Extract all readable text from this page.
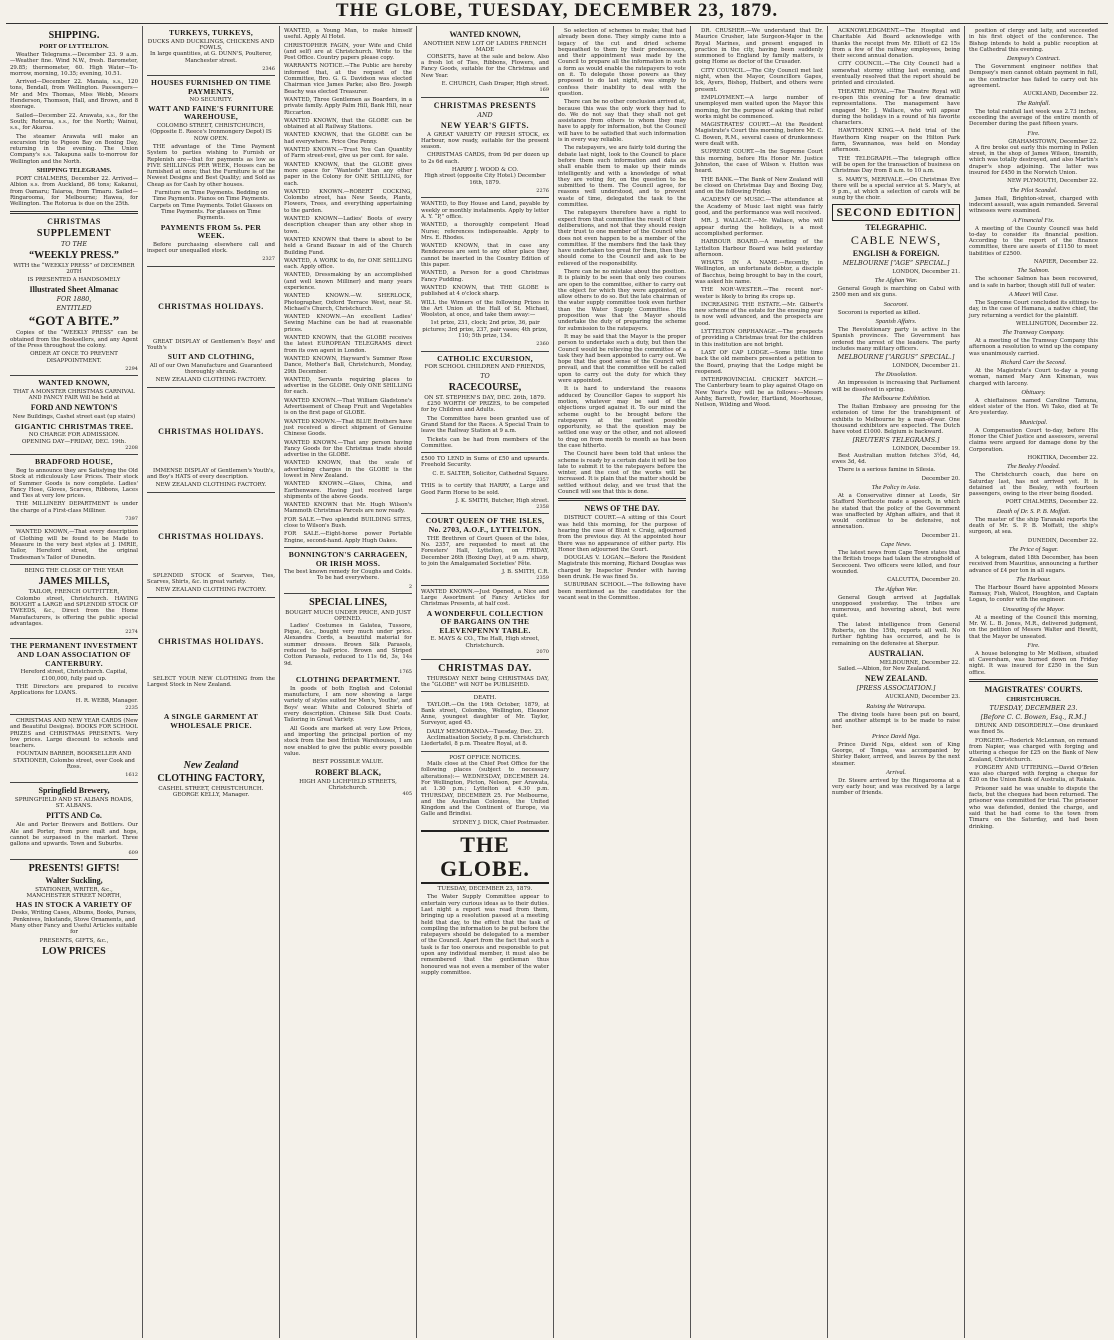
THE GLOBE, TUESDAY, DECEMBER 23, 1879.
SHIPPING.
PORT OF LYTTELTON.

Weather Telegrams.—December 23. 9 a.m.—Weather fine. Wind N.W., fresh. Barometer, 29.85; thermometer, 60. High Water—To-morrow, morning, 10.35; evening, 10.51.

Arrived—December 22. Manaia, s.s., 120 tons, Bendall, from Wellington. Passengers—Mr and Mrs Thomas, Miss Webb, Messrs Henderson, Thomson, Hall, and Brown, and 8 steerage.

Sailed—December 22. Arawata, s.s., for the South; Rotorua, s.s., for the North; Wainui, s.s., for Akaroa.

The steamer Arawata will make an excursion trip to Pigeon Bay on Boxing Day, returning in the evening. The Union Company's s.s. Takapuna sails to-morrow for Wellington and the North.

SHIPPING TELEGRAMS.

PORT CHALMERS, December 22. Arrived—Albion s.s. from Auckland, 86 tons; Kakanui, from Oamaru; Taiaroa, from Timaru. Sailed—Ringarooma, for Melbourne; Hawea, for Wellington. The Rotorua is due on the 25th.

CHRISTMAS
SUPPLEMENT
TO THE
“WEEKLY PRESS.”

WITH the “WEEKLY PRESS” of DECEMBER 20TH

IS PRESENTED A HANDSOMELY

Illustrated Sheet Almanac
FOR 1880,
ENTITLED
“GOT A BITE.”

Copies of the “WEEKLY PRESS” can be obtained from the Booksellers, and any Agent of the Press throughout the colony.

ORDER AT ONCE TO PREVENT DISAPPOINTMENT.

2294
WANTED KNOWN,

THAT A MONSTER CHRISTMAS CARNIVAL AND FANCY FAIR Will be held at

FORD AND NEWTON'S

New Buildings, Cashel street east (up stairs)

GIGANTIC CHRISTMAS TREE.
NO CHARGE FOR ADMISSION.
OPENING DAY—FRIDAY, DEC. 19th.
2208
BRADFORD HOUSE,

Beg to announce they are Satisfying the Old Stock at ridiculously Low Prices. Their stock of Summer Goods is now complete. Ladies' Fancy Hose, Gloves, Scarves, Ribbons, Laces and Ties at very low prices.

THE MILLINERY DEPARTMENT is under the charge of a First-class Milliner.

7397

WANTED KNOWN,—That every description of Clothing will be found to be Made to Measure in the very best styles at J. IMRIE, Tailor, Hereford street, the original Tradesman's Tailor of Dunedin.

BEING THE CLOSE OF THE YEAR
JAMES MILLS,
TAILOR, FRENCH OUTFITTER,

Colombo street, Christchurch. HAVING BOUGHT a LARGE and SPLENDID STOCK OF TWEEDS, &c., Direct from the Home Manufacturers, is offering the public special advantages.

2274
THE PERMANENT INVESTMENT AND LOAN ASSOCIATION OF CANTERBURY.

Hereford street, Christchurch. Capital, £100,000, fully paid up.

THE Directors are prepared to receive Applications for LOANS.

H. R. WEBB, Manager.
2235

CHRISTMAS AND NEW YEAR CARDS (New and Beautiful Designs). BOOKS FOR SCHOOL PRIZES and CHRISTMAS PRESENTS. Very low prices. Large discount to schools and teachers.

FOUNTAIN BARBER, BOOKSELLER AND STATIONER, Colombo street, over Cook and Ross.

1612
Springfield Brewery,
SPRINGFIELD AND ST. ALBANS ROADS, ST. ALBANS.
PITTS AND Co.

Ale and Porter Brewers and Bottlers. Our Ale and Porter, from pure malt and hops, cannot be surpassed in the market. Three gallons and upwards. Town and Suburbs.

609
PRESENTS! GIFTS!
Walter Suckling,
STATIONER, WRITER, &c.,
MANCHESTER STREET NORTH,
HAS IN STOCK A VARIETY OF

Desks, Writing Cases, Albums, Books, Purses, Penknives, Inkstands, Stove Ornaments, and Many other Fancy and Useful Articles suitable for

PRESENTS, GIFTS, &c.,
LOW PRICES
TURKEYS, TURKEYS,
DUCKS AND DUCKLINGS, CHICKENS AND FOWLS,

In large quantities, at G. DUNN'S, Poulterer, Manchester street.

2346
HOUSES FURNISHED ON TIME PAYMENTS,
NO SECURITY.
WATT AND FAINE'S FURNITURE WAREHOUSE,

COLOMBO STREET, CHRISTCHURCH, (Opposite E. Reece's Ironmongery Depot) IS NOW OPEN.

THE advantage of the Time Payment System to parties wishing to Furnish or Replenish are—that for payments as low as FIVE SHILLINGS PER WEEK, Houses can be furnished at once; that the Furniture is of the Newest Designs and Best Quality; and Sold as Cheap as for Cash by other houses.

Furniture on Time Payments. Bedding on Time Payments. Pianos on Time Payments. Carpets on Time Payments. Toilet Glasses on Time Payments. For glasses on Time Payments.

PAYMENTS FROM 5s. PER WEEK.

Before purchasing elsewhere call and inspect our unequalled stock.

2327
CHRISTMAS HOLIDAYS.

GREAT DISPLAY of Gentlemen's Boys' and Youth's

SUIT AND CLOTHING,

All of our Own Manufacture and Guaranteed thoroughly shrunk.

NEW ZEALAND CLOTHING FACTORY.
CHRISTMAS HOLIDAYS.

IMMENSE DISPLAY of Gentlemen's Youth's, and Boy's HATS of every description.

NEW ZEALAND CLOTHING FACTORY.
CHRISTMAS HOLIDAYS.

SPLENDID STOCK of Scarves, Ties, Scarves, Shirts, &c. in great variety.

NEW ZEALAND CLOTHING FACTORY.
CHRISTMAS HOLIDAYS.

SELECT YOUR NEW CLOTHING from the Largest Stock in New Zealand.

A SINGLE GARMENT AT WHOLESALE PRICE.
New Zealand
CLOTHING FACTORY,
CASHEL STREET, CHRISTCHURCH.
GEORGE KELLY, Manager.

WANTED, a Young Man, to make himself useful. Apply Al Hotel.

CHRISTOPHER FAGIN, your Wife and Child (and self) are at Christchurch. Write to the Post Office. Country papers please copy.

WARRANTS NOTICE.—The Public are hereby informed that, at the request of the Committee, Bro. G. G. Davidson was elected Chairman vice James Parke; also Bro. Joseph Beachy was elected Treasurer.

WANTED, Three Gentlemen as Boarders, in a private family. Apply Palm Hill, Bank Hill, near Riccarton.

WANTED KNOWN, that the GLOBE can be obtained at all Railway Stations.

WANTED KNOWN, that the GLOBE can be had everywhere. Price One Penny.

WANTED KNOWN.—Trust You Can Quantity of Farm street-rest, give us per cent. for sale.

WANTED KNOWN, that the GLOBE gives more space for “Wanteds” than any other paper in the Colony for ONE SHILLING, for each.

WANTED KNOWN.—ROBERT COCKING, Colombo street, has New Seeds, Plants, Flowers, Trees, and everything appertaining to the garden.

WANTED KNOWN—Ladies' Boots of every description cheaper than any other shop in town.

WANTED KNOWN that there is about to be held a Grand Bazaar in aid of the Church Building Fund.

WANTED, A WORK to do, for ONE SHILLING each. Apply office.

WANTED, Dressmaking by an accomplished (and well known Milliner) and many years experience.

WANTED KNOWN.—W. SHERLOCK, Photographer, Oxford Terrace West, near St. Michael's Church, Christchurch.

WANTED KNOWN.—An excellent Ladies' Sewing Machine can be had at reasonable prices.

WANTED KNOWN, that the GLOBE receives the latest EUROPEAN TELEGRAMS direct from its own agent in London.

WANTED KNOWN, Hayward's Summer Rose Dance, Mother's Ball, Christchurch, Monday, 29th December.

WANTED, Servants requiring places to advertise in the GLOBE. Only ONE SHILLING for each.

WANTED KNOWN.—That William Gladstone's Advertisement of Cheap Fruit and Vegetables is on the first page of GLOBE.

WANTED KNOWN.—That BLUE Brothers have just received a direct shipment of Genuine Chinese Goods.

WANTED KNOWN.—That any person having Fancy Goods for the Christmas trade should advertise in the GLOBE.

WANTED KNOWN, that the scale of advertising charges in the GLOBE is the lowest in New Zealand.

WANTED KNOWN.—Glass, China, and Earthenware. Having just received large shipments of the above Goods.

WANTED KNOWN that Mr. Hugh Wilson's Mammoth Christmas Parcels are now ready.

FOR SALE.—Two splendid BUILDING SITES, close to Wilson's Bush.

FOR SALE.—Eight-horse power Portable Engine, second-hand. Apply Hugh Oakes.

BONNINGTON'S CARRAGEEN, OR IRISH MOSS.

The best known remedy for Coughs and Colds. To be had everywhere.

2
SPECIAL LINES,
BOUGHT MUCH UNDER PRICE, AND JUST OPENED.

Ladies' Costumes in Galatea, Tussore, Pique, &c., bought very much under price. Alexandra Cords, a beautiful material for summer dresses. Brown Silk Parasols, reduced to half-price. Brown and Striped Cotton Parasols, reduced to 11s 6d, 3s, 14s 9d.

1765
CLOTHING DEPARTMENT.

In goods of both English and Colonial manufacture, I am now showing a large variety of styles suited for Men's, Youths', and Boys' wear. White and Coloured Shirts of every description. Chinese Silk Dust Coats. Tailoring in Great Variety.

All Goods are marked at very Low Prices, and importing the principal portion of my stock from the best British Warehouses, I am now enabled to give the public every possible value.

BEST POSSIBLE VALUE.
ROBERT BLACK,
HIGH AND LICHFIELD STREETS, Christchurch.
405
WANTED KNOWN,
ANOTHER NEW LOT OF LADIES FRENCH MADE

CORSETS, have at the sale and below. Also a fresh lot of Ties, Ribbons, Flowers, and Fancy Goods, suitable for the Christmas and New Year.

E. CHURCH, Cash Draper, High street.
169
CHRISTMAS PRESENTS
AND
NEW YEAR'S GIFTS.

A GREAT VARIETY OF FRESH STOCK, ex Harbour, now ready, suitable for the present season.

CHRISTMAS CARDS, from 9d per dozen up to 2s 6d each.

HARRY J. WOOD & CO.

High street (opposite City Hotel.) December 16th, 1879.

2276

WANTED, to Buy House and Land, payable by weekly or monthly instalments. Apply by letter A. Y. “P,” office.

WANTED, a thoroughly competent Head Nurse; references indispensable. Apply to Mrs. E. Rhodes.

WANTED KNOWN, that in case any Rendezvous are sent to any other place they cannot be inserted in the Country Edition of this paper.

WANTED, a Person for a good Christmas Fancy Pudding.

WANTED KNOWN, that THE GLOBE is published at 4 o'clock sharp.

WILL the Winners of the following Prizes in the Art Union at the Hall of St. Michael, Woolston, at once, and take them away:—

1st prize, 231, clock; 2nd prize, 36, pair pictures; 3rd prize, 237, pair vases; 4th prize, 110; 5th prize, 134.

2360
CATHOLIC EXCURSION,
FOR SCHOOL CHILDREN AND FRIENDS,
TO
RACECOURSE,
ON ST. STEPHEN'S DAY, DEC. 26th, 1879.

£250 WORTH OF PRIZES, to be competed for by Children and Adults.

The Committee have been granted use of Grand Stand for the Races. A Special Train to leave the Railway Station at 9 a.m.

Tickets can be had from members of the Committee.

£500 TO LEND in Sums of £50 and upwards. Freehold Security.

C. E. SALTER, Solicitor, Cathedral Square.
2357

THIS is to certify that HARRY, a Large and Good Farm Horse to be sold.

J. K. SMITH, Butcher, High street.
2358
COURT QUEEN OF THE ISLES, No. 2703, A.O.F., LYTTELTON.

THE Brethren of Court Queen of the Isles, No. 2357, are requested to meet at the Foresters' Hall, Lyttelton, on FRIDAY, December 26th (Boxing Day), at 9 a.m. sharp, to join the Amalgamated Societies' Fête.

J. B. SMITH, C.R.
2359

WANTED KNOWN.—Just Opened, a Nice and Large Assortment of Fancy Articles for Christmas Presents, at half cost.

A WONDERFUL COLLECTION OF BARGAINS ON THE ELEVENPENNY TABLE.
E. MAYS & CO., The Hall, High street, Christchurch.
2070
CHRISTMAS DAY.

THURSDAY NEXT being CHRISTMAS DAY, the “GLOBE” will NOT be PUBLISHED.

DEATH.

TAYLOR.—On the 19th October, 1879, at Bank street, Colombo, Wellington, Eleanor Anne, youngest daughter of Mr. Taylor, Surveyor, aged 45.

DAILY MEMORANDA—Tuesday, Dec. 23.

Acclimatisation Society, 8 p.m. Christchurch Liedertafel, 8 p.m. Theatre Royal, at 8.

POST OFFICE NOTICES.

Mails close at the Chief Post Office for the following places (subject to necessary alterations):— WEDNESDAY, DECEMBER 24. For Wellington, Picton, Nelson, per Arawata, at 1.30 p.m.; Lyttelton at 4.30 p.m. THURSDAY, DECEMBER 25. For Melbourne, and the Australian Colonies, the United Kingdom and the Continent of Europe, via Galle and Brindisi.

SYDNEY J. DICK, Chief Postmaster.
THE GLOBE.
TUESDAY, DECEMBER 23, 1879.

The Water Supply Committee appear to entertain very curious ideas as to their duties. Last night a report was read from them, bringing up a resolution passed at a meeting held that day, to the effect that the task of compiling the information to be put before the ratepayers should be delegated to a member of the Council. Apart from the fact that such a task is far too onerous and responsible to put upon any individual member, it must also be remembered that the gentleman thus honoured was not even a member of the water supply committee.

So selection of schemes to make; that had already been done. They simply came into a legacy of the cut and dried scheme bequeathed to them by their predecessors, and their appointment was made by the Council to prepare all the information in such a form as would enable the ratepayers to vote on it. To delegate those powers as they proposed to do last night, was simply to confess their inability to deal with the question.

There can be no other conclusion arrived at, because this was the only work they had to do. We do not say that they shall not get assistance from others to whom they may have to apply for information, but the Council will have to be satisfied that such information is in every way reliable.

The ratepayers, we are fairly told during the debate last night, look to the Council to place before them such information and data as shall enable them to make up their minds intelligently and with a knowledge of what they are voting for, on the question to be submitted to them. The Council agree, for reasons well understood, and to prevent waste of time, delegated the task to the committee.

The ratepayers therefore have a right to expect from that committee the result of their deliberations, and not that they should resign their trust to one member of the Council who does not even happen to be a member of the committee. If the members find the task they have undertaken too great for them, then they should come to the Council and ask to be relieved of the responsibility.

There can be no mistake about the position. It is plainly to be seen that only two courses are open to the committee, either to carry out the object for which they were appointed, or allow others to do so. But the late chairman of the water supply committee took even further than the Water Supply Committee. His proposition was that the Mayor should undertake the duty of preparing the scheme for submission to the ratepayers.

It may be said that the Mayor is the proper person to undertake such a duty, but then the Council would be relieving the committee of a task they had been appointed to carry out. We hope that the good sense of the Council will prevail, and that the committee will be called upon to carry out the duty for which they were appointed.

It is hard to understand the reasons adduced by Councillor Gapes to support his motion, whatever may be said of the objections urged against it. To our mind the scheme ought to be brought before the ratepayers at the earliest possible opportunity, so that the question may be settled one way or the other, and not allowed to drag on from month to month as has been the case hitherto.

The Council have been told that unless the scheme is ready by a certain date it will be too late to submit it to the ratepayers before the winter, and the cost of the works will be increased. It is plain that the matter should be settled without delay, and we trust that the Council will see that this is done.

NEWS OF THE DAY.

DISTRICT COURT.—A sitting of this Court was held this morning, for the purpose of hearing the case of Blunt v. Craig, adjourned from the previous day. At the appointed hour there was no appearance of either party. His Honor then adjourned the Court.

DOUGLAS V. LOGAN.—Before the Resident Magistrate this morning, Richard Douglas was charged by Inspector Pender with having been drunk. He was fined 5s.

SUBURBAN SCHOOL.—The following have been mentioned as the candidates for the vacant seat in the Committee.

DR. CRUSHER.—We understand that Dr. Maurice Crusher, late Surgeon-Major in the Royal Marines, and present engaged in practice in the city, having been suddenly summoned to England by family matters, is going Home as doctor of the Crusader.

CITY COUNCIL.—The City Council met last night, when the Mayor, Councillors Gapes, Ick, Ayers, Bishop, Hulbert, and others were present.

EMPLOYMENT.—A large number of unemployed men waited upon the Mayor this morning, for the purpose of asking that relief works might be commenced.

MAGISTRATES' COURT.—At the Resident Magistrate's Court this morning, before Mr. C. C. Bowen, R.M., several cases of drunkenness were dealt with.

SUPREME COURT.—In the Supreme Court this morning, before His Honor Mr. Justice Johnston, the case of Wilson v. Hutton was heard.

THE BANK.—The Bank of New Zealand will be closed on Christmas Day and Boxing Day, and on the following Friday.

ACADEMY OF MUSIC.—The attendance at the Academy of Music last night was fairly good, and the performance was well received.

MR. J. WALLACE.—Mr. Wallace, who will appear during the holidays, is a most accomplished performer.

HARBOUR BOARD.—A meeting of the Lyttelton Harbour Board was held yesterday afternoon.

WHAT'S IN A NAME.—Recently, in Wellington, an unfortunate debtor, a disciple of Bacchus, being brought to bay in the court, was asked his name.

THE NOR'-WESTER.—The recent nor'-wester is likely to bring its crops up.

INCREASING THE ESTATE.—Mr. Gilbert's new scheme of the estate for the ensuing year is now well advanced, and the prospects are good.

LYTTELTON ORPHANAGE.—The prospects of providing a Christmas treat for the children in this institution are not bright.

LAST OF CAP LODGE.—Some little time back the old members presented a petition to the Board, praying that the Lodge might be reopened.

INTERPROVINCIAL CRICKET MATCH.—The Canterbury team to play against Otago on New Year's Day will be as follows:—Messrs Ashby, Barrett, Fowler, Hartland, Moorhouse, Neilson, Wilding and Wood.

ACKNOWLEDGMENT.—The Hospital and Charitable Aid Board acknowledge with thanks the receipt from Mr. Elliott of £2 15s from a few of the railway employees, being their second annual donation.

CITY COUNCIL.—The City Council had a somewhat stormy sitting last evening, and eventually resolved that the report should be printed and circulated.

THEATRE ROYAL.—The Theatre Royal will re-open this evening for a few dramatic representations. The management have engaged Mr. J. Wallace, who will appear during the holidays in a round of his favorite characters.

HAWTHORN KING.—A field trial of the Hawthorn King reaper on the Hilton Park farm, Swannanoa, was held on Monday afternoon.

THE TELEGRAPH.—The telegraph office will be open for the transaction of business on Christmas Day from 8 a.m. to 10 a.m.

S. MARY'S, MERIVALE.—On Christmas Eve there will be a special service at S. Mary's, at 9 p.m., at which a selection of carols will be sung by the choir.

SECOND EDITION
TELEGRAPHIC.
CABLE NEWS,
ENGLISH & FOREIGN.
MELBOURNE [“AGE” SPECIAL.]
LONDON, December 21.
The Afghan War.

General Gough is marching on Cabul with 2500 men and six guns.

Socoroni.

Socoroni is reported as killed.

Spanish Affairs.

The Revolutionary party is active in the Spanish provinces. The Government has ordered the arrest of the leaders. The party includes many military officers.

MELBOURNE [“ARGUS” SPECIAL.]
LONDON, December 21.
The Dissolution.

An impression is increasing that Parliament will be dissolved in spring.

The Melbourne Exhibition.

The Italian Embassy are pressing for the extension of time for the transhipment of exhibits to Melbourne by a man-of-war. One thousand exhibitors are expected. The Dutch have voted £1000. Belgium is backward.

[REUTER'S TELEGRAMS.]
LONDON, December 19.

Best Australian mutton fetches 3½d, 4d, ewes 3d, 4d.

There is a serious famine in Silesia.

December 20.
The Policy in Asia.

At a Conservative dinner at Leeds, Sir Stafford Northcote made a speech, in which he stated that the policy of the Government was unaffected by Afghan affairs, and that it would continue to be defensive, not annexation.

December 21.
Cape News.

The latest news from Cape Town states that the British troops had taken the stronghold of Sececoeni. Two officers were killed, and four wounded.

CALCUTTA, December 20.
The Afghan War.

General Gough arrived at Jagdallak unopposed yesterday. The tribes are numerous, and hovering about, but were quiet.

The latest intelligence from General Roberts, on the 15th, reports all well. No further fighting has occurred, and he is remaining on the defensive at Sherpur.

AUSTRALIAN.
MELBOURNE, December 22.

Sailed.—Albion, for New Zealand.

NEW ZEALAND.
[PRESS ASSOCIATION.]
AUCKLAND, December 23.
Raising the Wairarapa.

The diving tools have been put on board, and another attempt is to be made to raise her.

Prince David Nga.

Prince David Nga, eldest son of King George, of Tonga, was accompanied by Shirley Baker, arrived, and leaves by the next steamer.

Arrival.

Dr. Steere arrived by the Ringarooma at a very early hour, and was received by a large number of friends.

position of clergy and laity, and succeeded in his first object of the conference. The Bishop intends to hold a public reception at the Cathedral this evening.

Dempsey's Contract.

The Government engineer notifies that Dempsey's men cannot obtain payment in full, as the contractor has failed to carry out his agreement.

AUCKLAND, December 22.
The Rainfall.

The total rainfall last week was 2.73 inches, exceeding the average of the entire month of December during the past fifteen years.

Fire.
GRAHAMSTOWN, December 22.

A fire broke out early this morning in Pollen street, in the shop of James Wilson, tinsmith, which was totally destroyed, and also Martin's draper's shop adjoining. The latter was insured for £450 in the Norwich Union.

NEW PLYMOUTH, December 22.
The Pilot Scandal.

James Hall, Brighton-street, charged with indecent assault, was again remanded. Several witnesses were examined.

A Financial Fix.

A meeting of the County Council was held to-day to consider its financial position. According to the report of the finance committee, there are assets of £1150 to meet liabilities of £2500.

NAPIER, December 22.
The Salmon.

The schooner Salmon has been recovered, and is safe in harbor, though still full of water.

A Maori Will Case.

The Supreme Court concluded its sittings to-day, in the case of Hamana, a native chief, the jury returning a verdict for the plaintiff.

WELLINGTON, December 22.
The Tramway Company.

At a meeting of the Tramway Company this afternoon a resolution to wind up the company was unanimously carried.

Richard Carr the Second.

At the Magistrate's Court to-day a young woman, named Mary Ann Kinsman, was charged with larceny.

Obituary.

A chieftainess named Caroline Tamuna, eldest sister of the Hon. Wi Tako, died at Te Aro yesterday.

Municipal.

A Compensation Court to-day, before His Honor the Chief Justice and assessors, several claims were argued for damage done by the Corporation.

HOKITIKA, December 22.
The Bealey Flooded.

The Christchurch coach, due here on Saturday last, has not arrived yet. It is detained at the Bealey, with fourteen passengers, owing to the river being flooded.

PORT CHALMERS, December 22.
Death of Dr. S. P. B. Moffatt.

The master of the ship Taranaki reports the death of Mr. S. P. B. Moffatt, the ship's surgeon, at sea.

DUNEDIN, December 22.
The Price of Sugar.

A telegram, dated 18th December, has been received from Mauritius, announcing a further advance of £4 per ton in all sugars.

The Harbour.

The Harbour Board have appointed Messrs Ramsay, Fish, Walcot, Houghton, and Captain Logan, to confer with the engineer.

Unseating of the Mayor.

At a meeting of the Council this morning, Mr. W. L. B. Jones, M.R., delivered judgment, on the petition of Messrs Walter and Hewitt, that the Mayor be unseated.

Fire.

A house belonging to Mr Mollison, situated at Caversham, was burned down on Friday night. It was insured for £250 in the Sun office.

MAGISTRATES' COURTS.
CHRISTCHURCH.
TUESDAY, DECEMBER 23.
[Before C. C. Bowen, Esq., R.M.]

DRUNK AND DISORDERLY.—One drunkard was fined 5s.

FORGERY.—Roderick McLennan, on remand from Napier, was charged with forging and uttering a cheque for £25 on the Bank of New Zealand, Christchurch.

FORGERY AND UTTERING.—David O'Brien was also charged with forging a cheque for £20 on the Union Bank of Australia, at Rakaia.

Prisoner said he was unable to dispute the facts, but the cheques had been returned. The prisoner was committed for trial. The prisoner who was defended, denied the charge, and said that he had come to the town from Timaru on the Saturday, and had been drinking.
